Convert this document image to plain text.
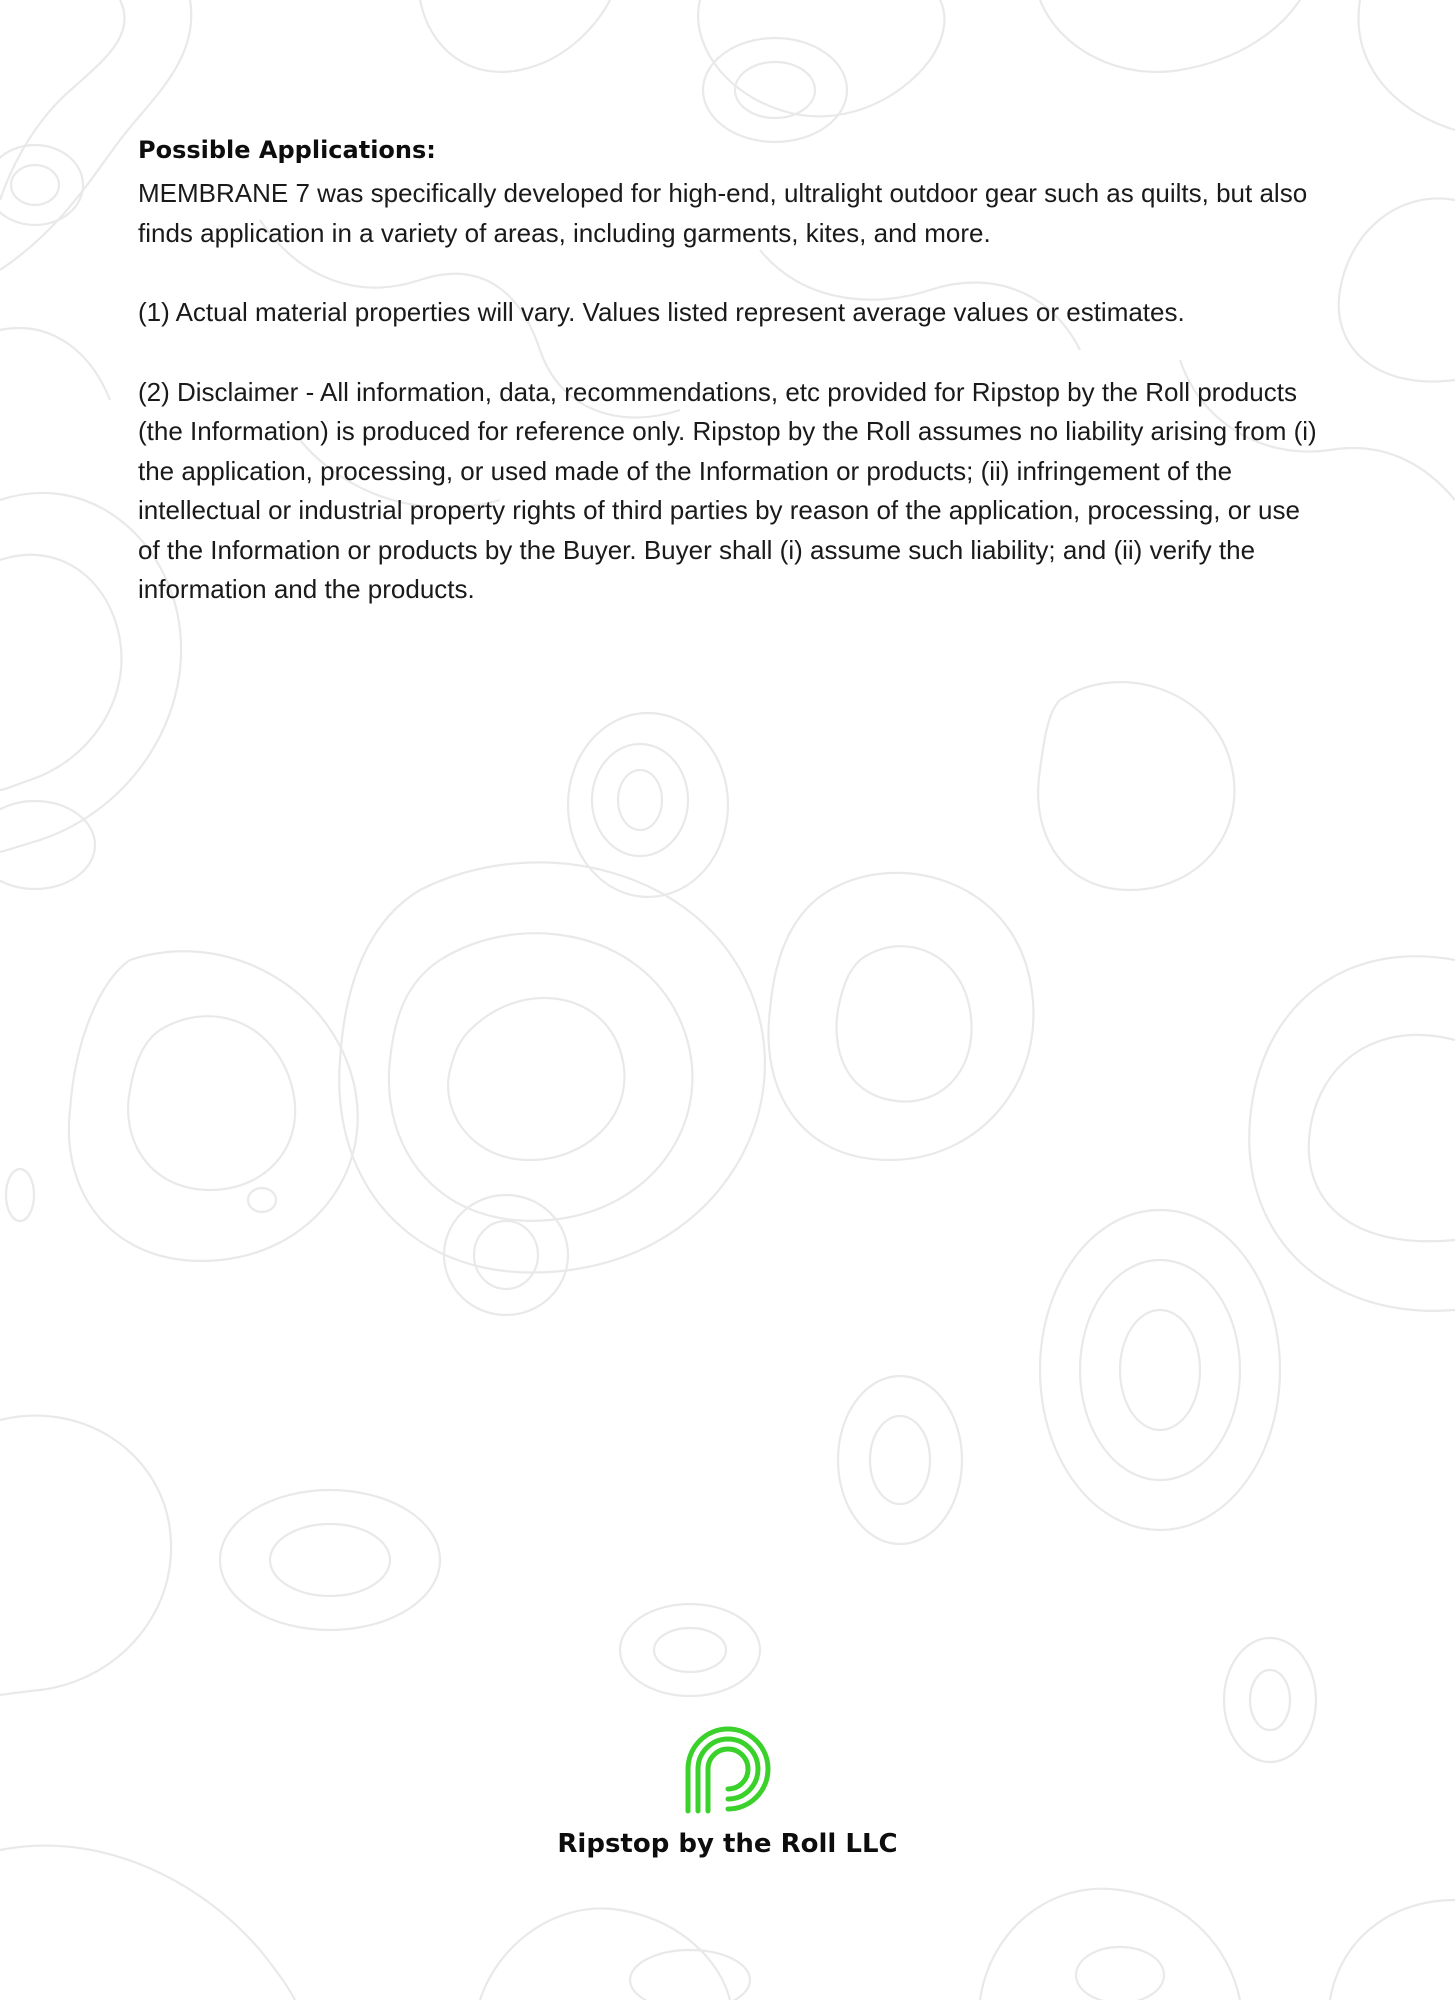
Possible Applications:

MEMBRANE 7 was specifically developed for high-end, ultralight outdoor gear such as quilts, but also finds application in a variety of areas, including garments, kites, and more.

(1) Actual material properties will vary. Values listed represent average values or estimates.

(2) Disclaimer - All information, data, recommendations, etc provided for Ripstop by the Roll products (the Information) is produced for reference only. Ripstop by the Roll assumes no liability arising from (i) the application, processing, or used made of the Information or products; (ii) infringement of the intellectual or industrial property rights of third parties by reason of the application, processing, or use of the Information or products by the Buyer. Buyer shall (i) assume such liability; and (ii) verify the information and the products.

Ripstop by the Roll LLC
